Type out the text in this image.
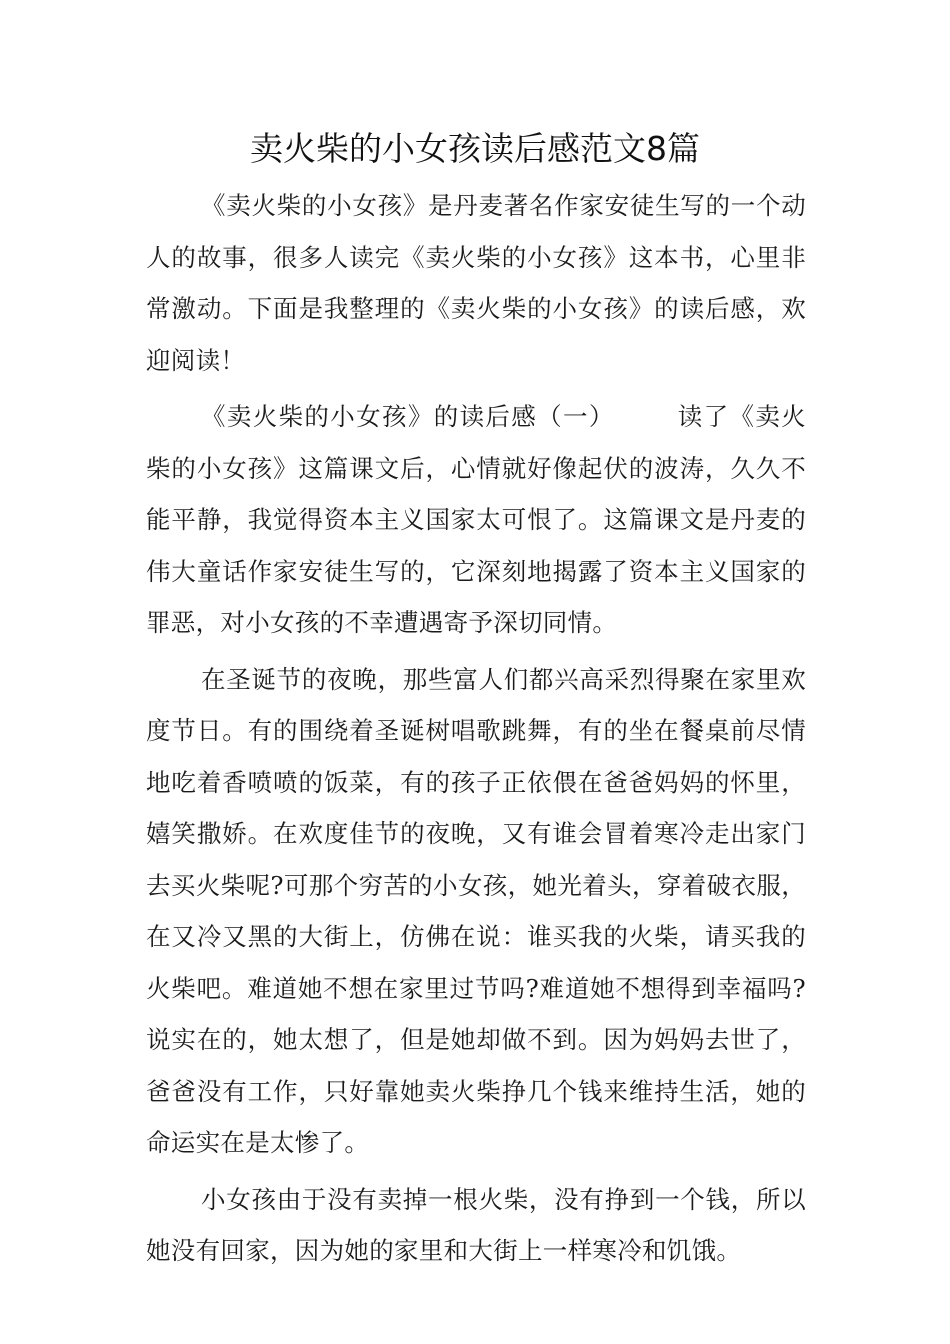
卖火柴的小女孩读后感范文8篇

《卖火柴的小女孩》是丹麦著名作家安徒生写的一个动人的故事，很多人读完《卖火柴的小女孩》这本书，心里非常激动。下面是我整理的《卖火柴的小女孩》的读后感，欢迎阅读！

《卖火柴的小女孩》的读后感（一）	读了《卖火柴的小女孩》这篇课文后，心情就好像起伏的波涛，久久不能平静，我觉得资本主义国家太可恨了。这篇课文是丹麦的伟大童话作家安徒生写的，它深刻地揭露了资本主义国家的罪恶，对小女孩的不幸遭遇寄予深切同情。

在圣诞节的夜晚，那些富人们都兴高采烈得聚在家里欢度节日。有的围绕着圣诞树唱歌跳舞，有的坐在餐桌前尽情地吃着香喷喷的饭菜，有的孩子正依偎在爸爸妈妈的怀里，嬉笑撒娇。在欢度佳节的夜晚，又有谁会冒着寒冷走出家门去买火柴呢?可那个穷苦的小女孩，她光着头，穿着破衣服，在又冷又黑的大街上，仿佛在说：谁买我的火柴，请买我的火柴吧。难道她不想在家里过节吗?难道她不想得到幸福吗?说实在的，她太想了，但是她却做不到。因为妈妈去世了，爸爸没有工作，只好靠她卖火柴挣几个钱来维持生活，她的命运实在是太惨了。

小女孩由于没有卖掉一根火柴，没有挣到一个钱，所以她没有回家，因为她的家里和大街上一样寒冷和饥饿。
